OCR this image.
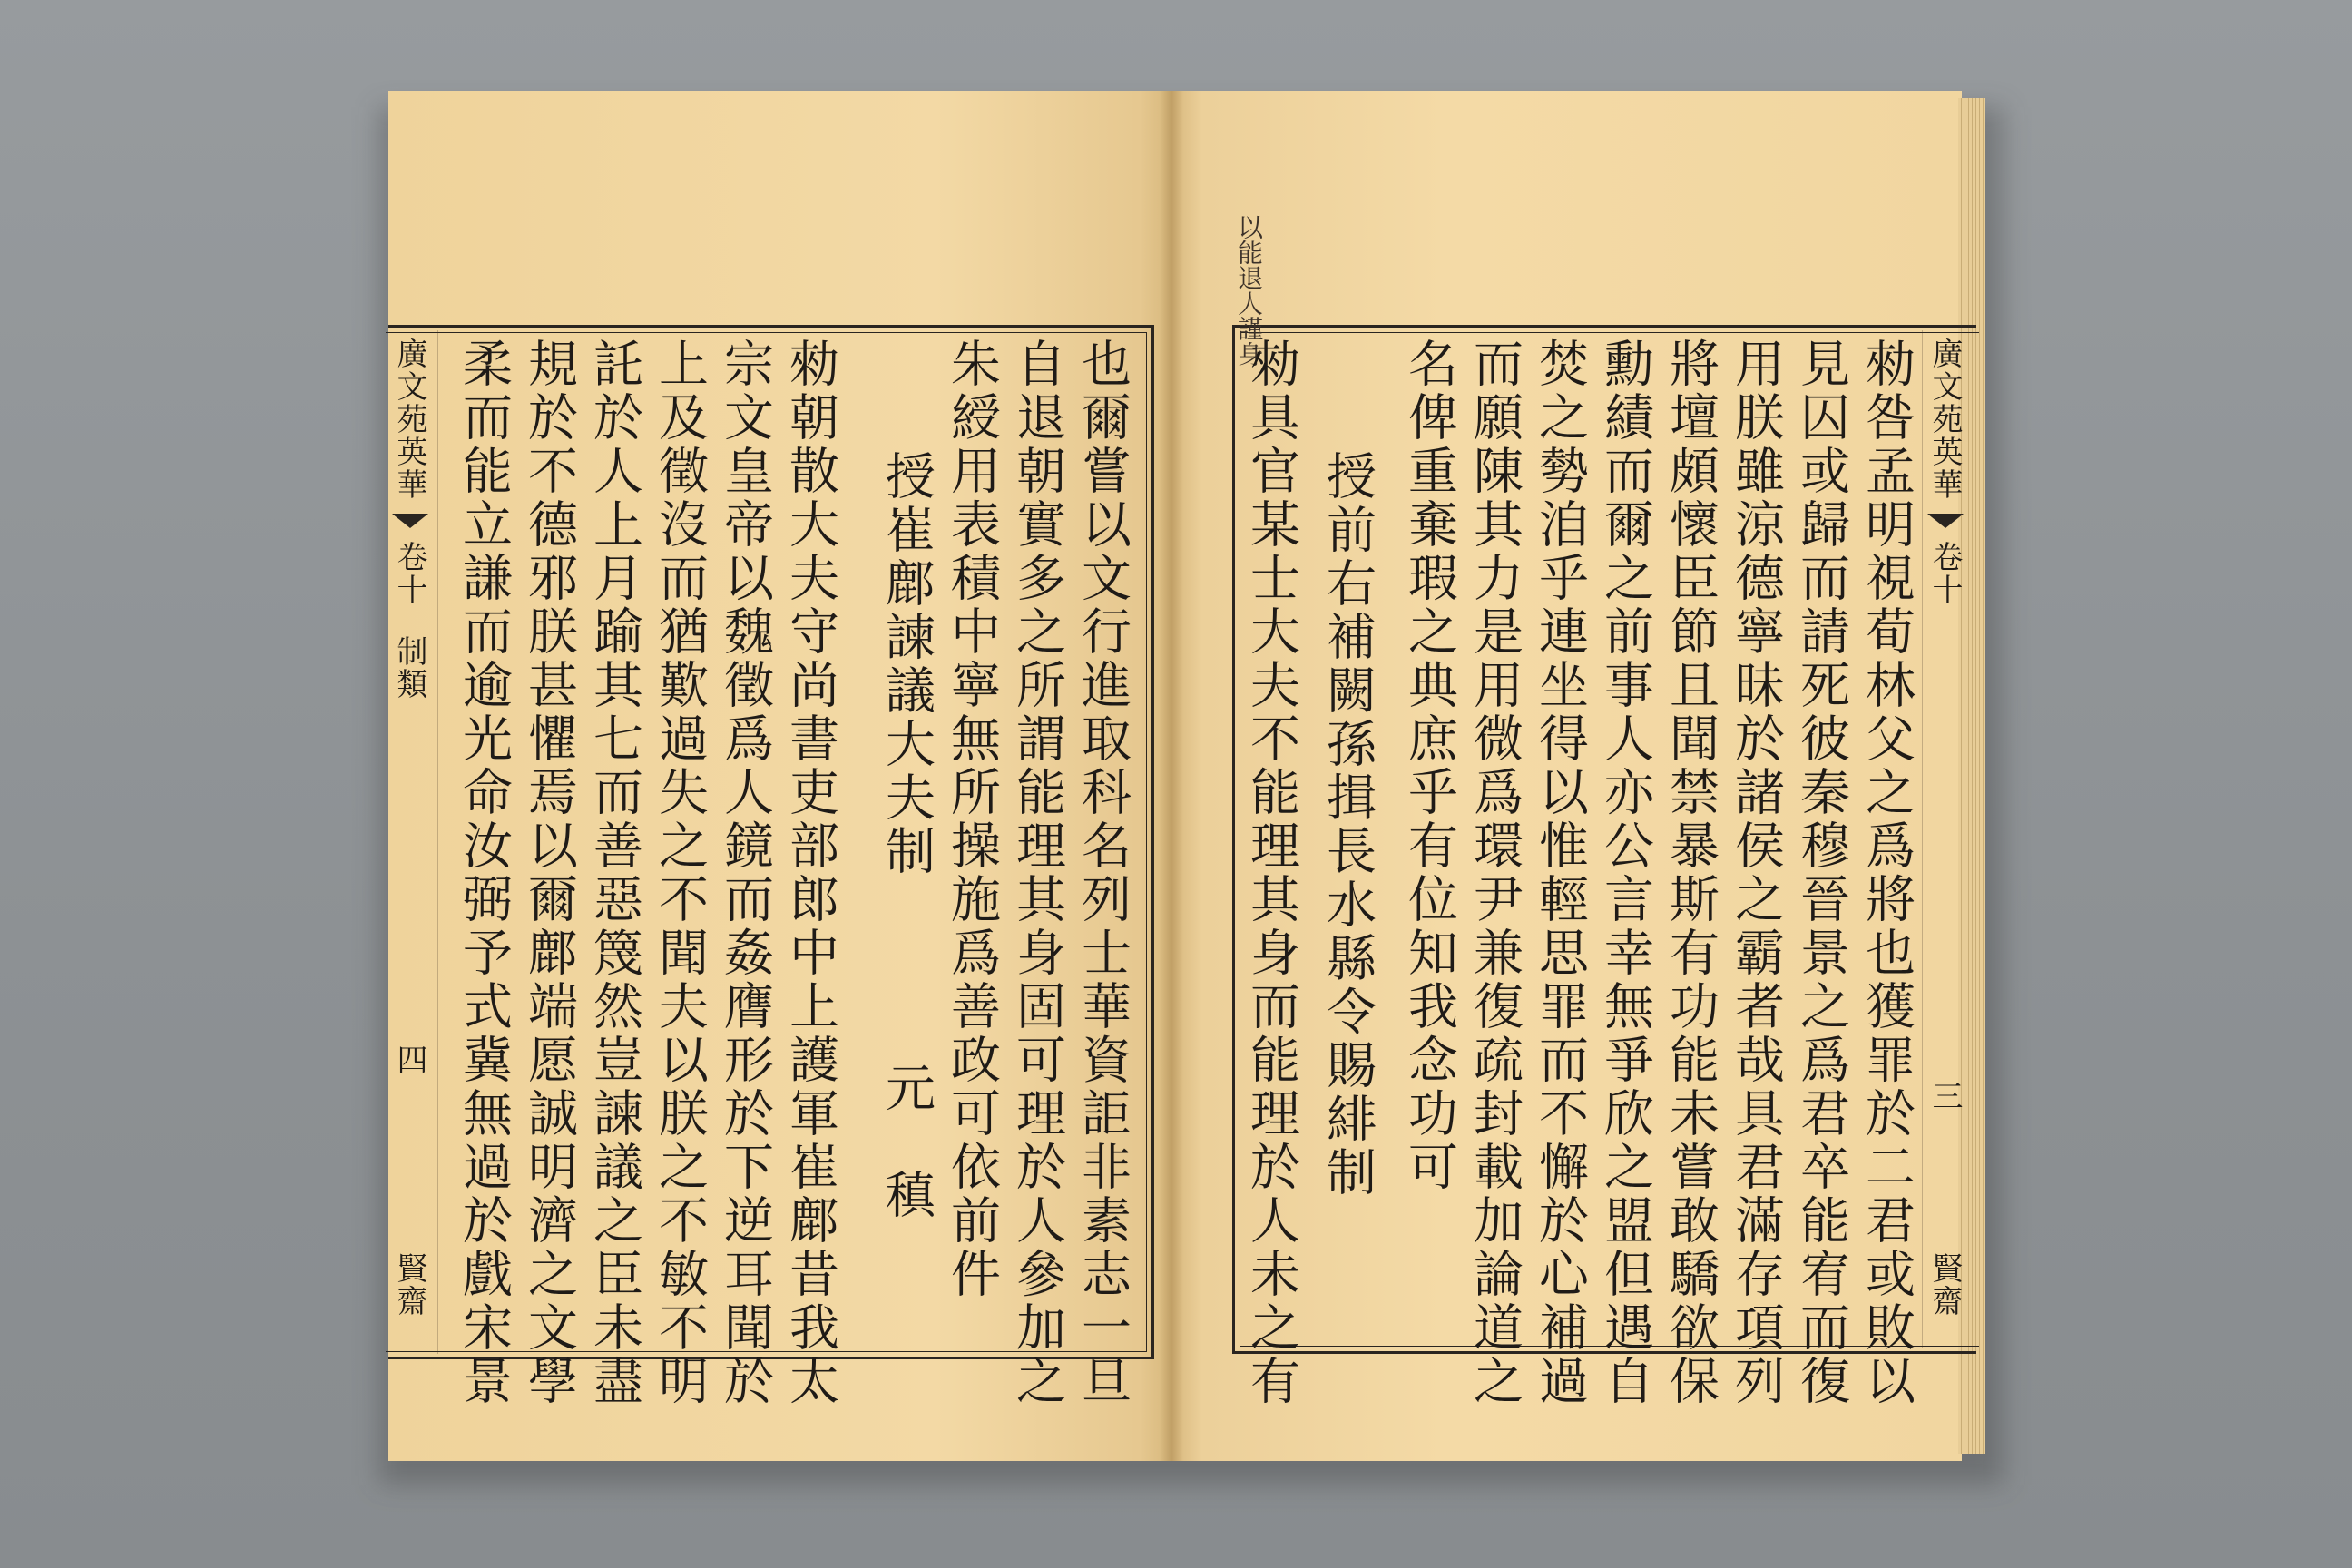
廣文苑英華
卷十
制類
四
賢齋	也爾嘗以文行進取科名列士華資詎非素志一旦
自退朝實多之所謂能理其身固可理於人參加之
朱綬用表積中寧無所操施爲善政可依前件
授崔鄜諫議大夫制
元　稹
勑朝散大夫守尚書吏部郎中上護軍崔鄜昔我太
宗文皇帝以魏徵爲人鏡而姦膺形於下逆耳聞於
上及徵沒而猶歎過失之不聞夫以朕之不敏不明
託於人上月踰其七而善惡篾然豈諫議之臣未盡
規於不德邪朕甚懼焉以爾鄜端愿誠明濟之文學
柔而能立謙而逾光命汝弼予式冀無過於戲宋景
以能退人謹身
勑咎孟明視荀林父之爲將也獲罪於二君或敗以
見囚或歸而請死彼秦穆晉景之爲君卒能宥而復
用朕雖涼德寧昧於諸侯之霸者哉具君滿存項列
將壇頗懷臣節且聞禁暴斯有功能未嘗敢驕欲保
勳績而爾之前事人亦公言幸無爭欣之盟但遇自
焚之勢洎乎連坐得以惟輕思罪而不懈於心補過
而願陳其力是用微爲環尹兼復疏封載加論道之
名俾重棄瑕之典庶乎有位知我念功可
授前右補闕孫揖長水縣令賜緋制
勑具官某士大夫不能理其身而能理於人未之有	廣文苑英華
卷十
三
賢齋
